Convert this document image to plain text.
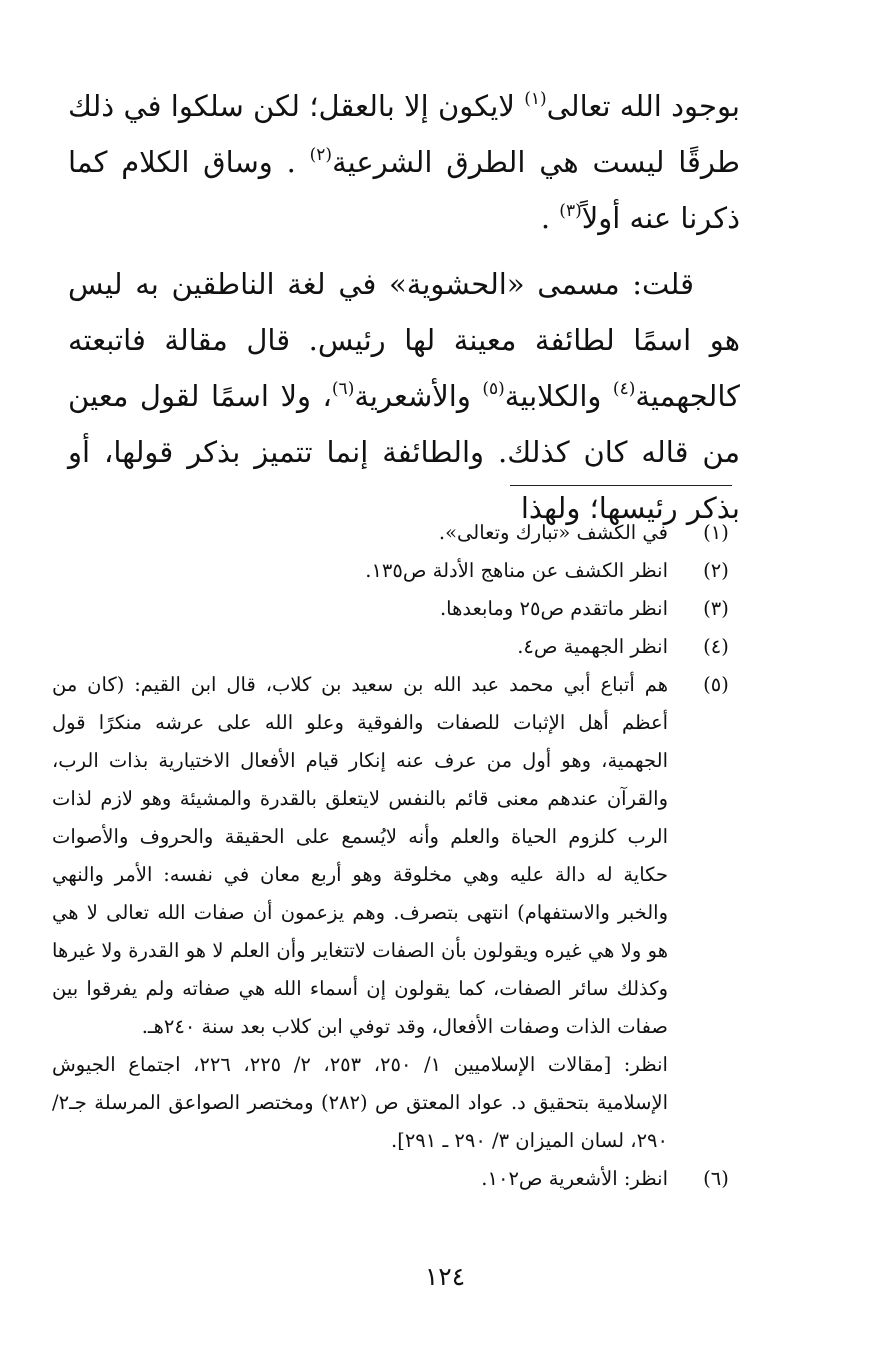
بوجود الله تعالى$^{(١)}$ لايكون إلا بالعقل؛ لكن سلكوا في ذلك طرقًا ليست هي الطرق الشرعية$^{(٢)}$ . وساق الكلام كما ذكرنا عنه أولاً$^{(٣)}$ .

قلت: مسمى «الحشوية» في لغة الناطقين به ليس هو اسمًا لطائفة معينة لها رئيس. قال مقالة فاتبعته كالجهمية$^{(٤)}$ والكلابية$^{(٥)}$ والأشعرية$^{(٦)}$، ولا اسمًا لقول معين من قاله كان كذلك. والطائفة إنما تتميز بذكر قولها، أو بذكر رئيسها؛ ولهذا

(١)
في الكشف «تبارك وتعالى».
(٢)
انظر الكشف عن مناهج الأدلة ص١٣٥.
(٣)
انظر ماتقدم ص٢٥ ومابعدها.
(٤)
انظر الجهمية ص٤.
(٥)
هم أتباع أبي محمد عبد الله بن سعيد بن كلاب، قال ابن القيم: (كان من أعظم أهل الإثبات للصفات والفوقية وعلو الله على عرشه منكرًا قول الجهمية، وهو أول من عرف عنه إنكار قيام الأفعال الاختيارية بذات الرب، والقرآن عندهم معنى قائم بالنفس لايتعلق بالقدرة والمشيئة وهو لازم لذات الرب كلزوم الحياة والعلم وأنه لايُسمع على الحقيقة والحروف والأصوات حكاية له دالة عليه وهي مخلوقة وهو أربع معان في نفسه: الأمر والنهي والخبر والاستفهام) انتهى بتصرف. وهم يزعمون أن صفات الله تعالى لا هي هو ولا هي غيره ويقولون بأن الصفات لاتتغاير وأن العلم لا هو القدرة ولا غيرها وكذلك سائر الصفات، كما يقولون إن أسماء الله هي صفاته ولم يفرقوا بين صفات الذات وصفات الأفعال، وقد توفي ابن كلاب بعد سنة ٢٤٠هـ.
انظر: [مقالات الإسلاميين ١/ ٢٥٠، ٢٥٣، ٢/ ٢٢٥، ٢٢٦، اجتماع الجيوش الإسلامية بتحقيق د. عواد المعتق ص (٢٨٢) ومختصر الصواعق المرسلة جـ٢/ ٢٩٠، لسان الميزان ٣/ ٢٩٠ ـ ٢٩١].
(٦)
انظر: الأشعرية ص١٠٢.
١٢٤
